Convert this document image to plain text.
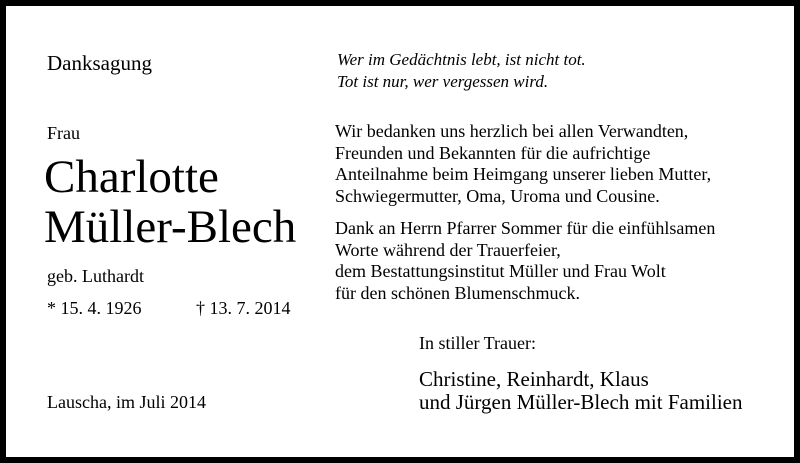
Danksagung
Frau
Charlotte
Müller-Blech
geb. Luthardt
* 15. 4. 1926	† 13. 7. 2014
Lauscha, im Juli 2014
Wer im Gedächtnis lebt, ist nicht tot.
Tot ist nur, wer vergessen wird.
Wir bedanken uns herzlich bei allen Verwandten,
Freunden und Bekannten für die aufrichtige
Anteilnahme beim Heimgang unserer lieben Mutter,
Schwiegermutter, Oma, Uroma und Cousine.
Dank an Herrn Pfarrer Sommer für die einfühlsamen
Worte während der Trauerfeier,
dem Bestattungsinstitut Müller und Frau Wolt
für den schönen Blumenschmuck.
In stiller Trauer:
Christine, Reinhardt, Klaus
und Jürgen Müller-Blech mit Familien
